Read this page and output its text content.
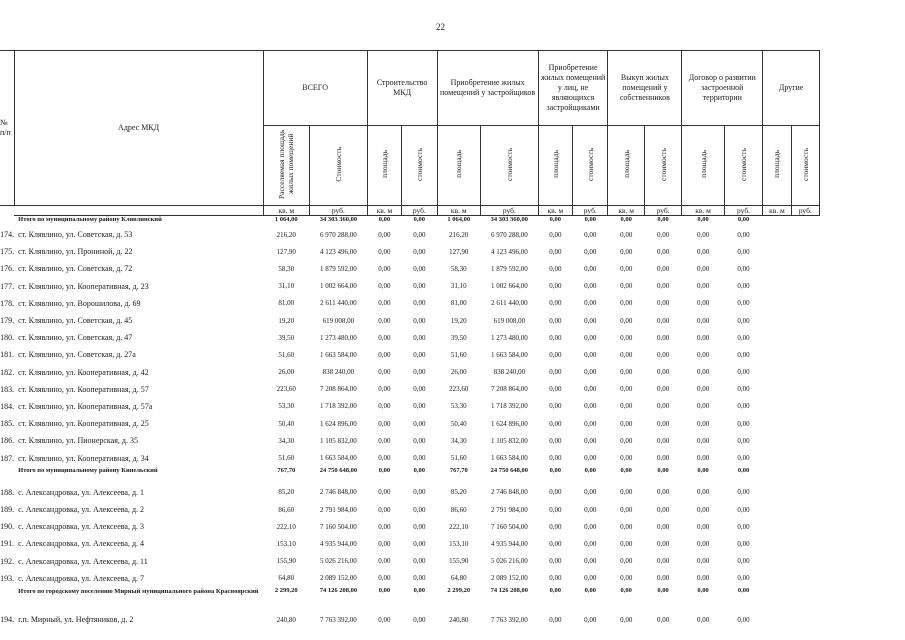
22
№
п/п	Адрес МКД	ВСЕГО		Строительство МКД		Приобретение жилых помещений у застройщиков		Приобретение жилых помещений у лиц, не являющихся застройщиками		Выкуп жилых помещений у собственников		Договор о развитии застроенной территории		Другие	
		Расселяемая площадь жилых помещений	Стоимость	площадь	стоимость	площадь	стоимость	площадь	стоимость	площадь	стоимость	площадь	стоимость	площадь	стоимость
		кв. м	руб.	кв. м	руб.	кв. м	руб.	кв. м	руб.	кв. м	руб.	кв. м	руб.	кв. м	руб.
	Итого по муниципальному району Клявлинский	1 064,00	34 303 360,00	0,00	0,00	1 064,00	34 303 360,00	0,00	0,00	0,00	0,00	0,00	0,00		
174.	ст. Клявлино, ул. Советская, д. 53	216,20	6 970 288,00	0,00	0,00	216,20	6 970 288,00	0,00	0,00	0,00	0,00	0,00	0,00		
175.	ст. Клявлино, ул. Прониной, д. 22	127,90	4 123 496,00	0,00	0,00	127,90	4 123 496,00	0,00	0,00	0,00	0,00	0,00	0,00		
176.	ст. Клявлино, ул. Советская, д. 72	58,30	1 879 592,00	0,00	0,00	58,30	1 879 592,00	0,00	0,00	0,00	0,00	0,00	0,00		
177.	ст. Клявлино, ул. Кооперативная, д. 23	31,10	1 002 664,00	0,00	0,00	31,10	1 002 664,00	0,00	0,00	0,00	0,00	0,00	0,00		
178.	ст. Клявлино, ул. Ворошилова, д. 69	81,00	2 611 440,00	0,00	0,00	81,00	2 611 440,00	0,00	0,00	0,00	0,00	0,00	0,00		
179.	ст. Клявлино, ул. Советская, д. 45	19,20	619 008,00	0,00	0,00	19,20	619 008,00	0,00	0,00	0,00	0,00	0,00	0,00		
180.	ст. Клявлино, ул. Советская, д. 47	39,50	1 273 480,00	0,00	0,00	39,50	1 273 480,00	0,00	0,00	0,00	0,00	0,00	0,00		
181.	ст. Клявлино, ул. Советская, д. 27а	51,60	1 663 584,00	0,00	0,00	51,60	1 663 584,00	0,00	0,00	0,00	0,00	0,00	0,00		
182.	ст. Клявлино, ул. Кооперативная, д. 42	26,00	838 240,00	0,00	0,00	26,00	838 240,00	0,00	0,00	0,00	0,00	0,00	0,00		
183.	ст. Клявлино, ул. Кооперативная, д. 57	223,60	7 208 864,00	0,00	0,00	223,60	7 208 864,00	0,00	0,00	0,00	0,00	0,00	0,00		
184.	ст. Клявлино, ул. Кооперативная, д. 57а	53,30	1 718 392,00	0,00	0,00	53,30	1 718 392,00	0,00	0,00	0,00	0,00	0,00	0,00		
185.	ст. Клявлино, ул. Кооперативная, д. 25	50,40	1 624 896,00	0,00	0,00	50,40	1 624 896,00	0,00	0,00	0,00	0,00	0,00	0,00		
186.	ст. Клявлино, ул. Пионерская, д. 35	34,30	1 105 832,00	0,00	0,00	34,30	1 105 832,00	0,00	0,00	0,00	0,00	0,00	0,00		
187.	ст. Клявлино, ул. Кооперативная, д. 34	51,60	1 663 584,00	0,00	0,00	51,60	1 663 584,00	0,00	0,00	0,00	0,00	0,00	0,00		
	Итого по муниципальному району Кинельский	767,70	24 750 648,00	0,00	0,00	767,70	24 750 648,00	0,00	0,00	0,00	0,00	0,00	0,00		
188.	с. Александровка, ул. Алексеева, д. 1	85,20	2 746 848,00	0,00	0,00	85,20	2 746 848,00	0,00	0,00	0,00	0,00	0,00	0,00		
189.	с. Александровка, ул. Алексеева, д. 2	86,60	2 791 984,00	0,00	0,00	86,60	2 791 984,00	0,00	0,00	0,00	0,00	0,00	0,00		
190.	с. Александровка, ул. Алексеева, д. 3	222,10	7 160 504,00	0,00	0,00	222,10	7 160 504,00	0,00	0,00	0,00	0,00	0,00	0,00		
191.	с. Александровка, ул. Алексеева, д. 4	153,10	4 935 944,00	0,00	0,00	153,10	4 935 944,00	0,00	0,00	0,00	0,00	0,00	0,00		
192.	с. Александровка, ул. Алексеева, д. 11	155,90	5 026 216,00	0,00	0,00	155,90	5 026 216,00	0,00	0,00	0,00	0,00	0,00	0,00		
193.	с. Александровка, ул. Алексеева, д. 7	64,80	2 089 152,00	0,00	0,00	64,80	2 089 152,00	0,00	0,00	0,00	0,00	0,00	0,00		
	Итого по городскому поселению Мирный муниципального района Красноярский	2 299,20	74 126 208,00	0,00	0,00	2 299,20	74 126 208,00	0,00	0,00	0,00	0,00	0,00	0,00		
194.	г.п. Мирный, ул. Нефтяников, д. 2	240,80	7 763 392,00	0,00	0,00	240,80	7 763 392,00	0,00	0,00	0,00	0,00	0,00	0,00		
